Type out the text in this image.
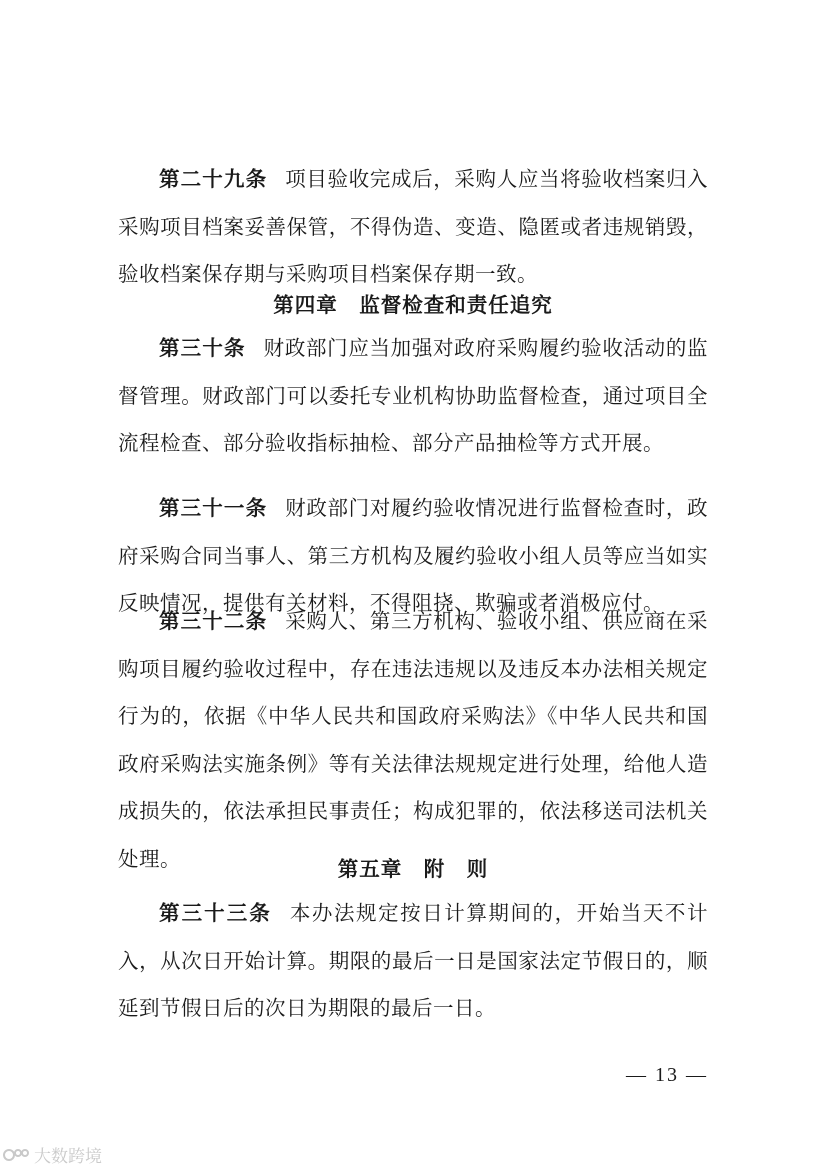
第二十九条 项目验收完成后，采购人应当将验收档案归入采购项目档案妥善保管，不得伪造、变造、隐匿或者违规销毁，验收档案保存期与采购项目档案保存期一致。

第四章　监督检查和责任追究

第三十条 财政部门应当加强对政府采购履约验收活动的监督管理。财政部门可以委托专业机构协助监督检查，通过项目全流程检查、部分验收指标抽检、部分产品抽检等方式开展。

第三十一条 财政部门对履约验收情况进行监督检查时，政府采购合同当事人、第三方机构及履约验收小组人员等应当如实反映情况，提供有关材料，不得阻挠、欺骗或者消极应付。

第三十二条 采购人、第三方机构、验收小组、供应商在采购项目履约验收过程中，存在违法违规以及违反本办法相关规定行为的，依据《中华人民共和国政府采购法》《中华人民共和国政府采购法实施条例》等有关法律法规规定进行处理，给他人造成损失的，依法承担民事责任；构成犯罪的，依法移送司法机关处理。	第五章　附　则

第三十三条 本办法规定按日计算期间的，开始当天不计入，从次日开始计算。期限的最后一日是国家法定节假日的，顺延到节假日后的次日为期限的最后一日。

— 13 —
大数跨境
